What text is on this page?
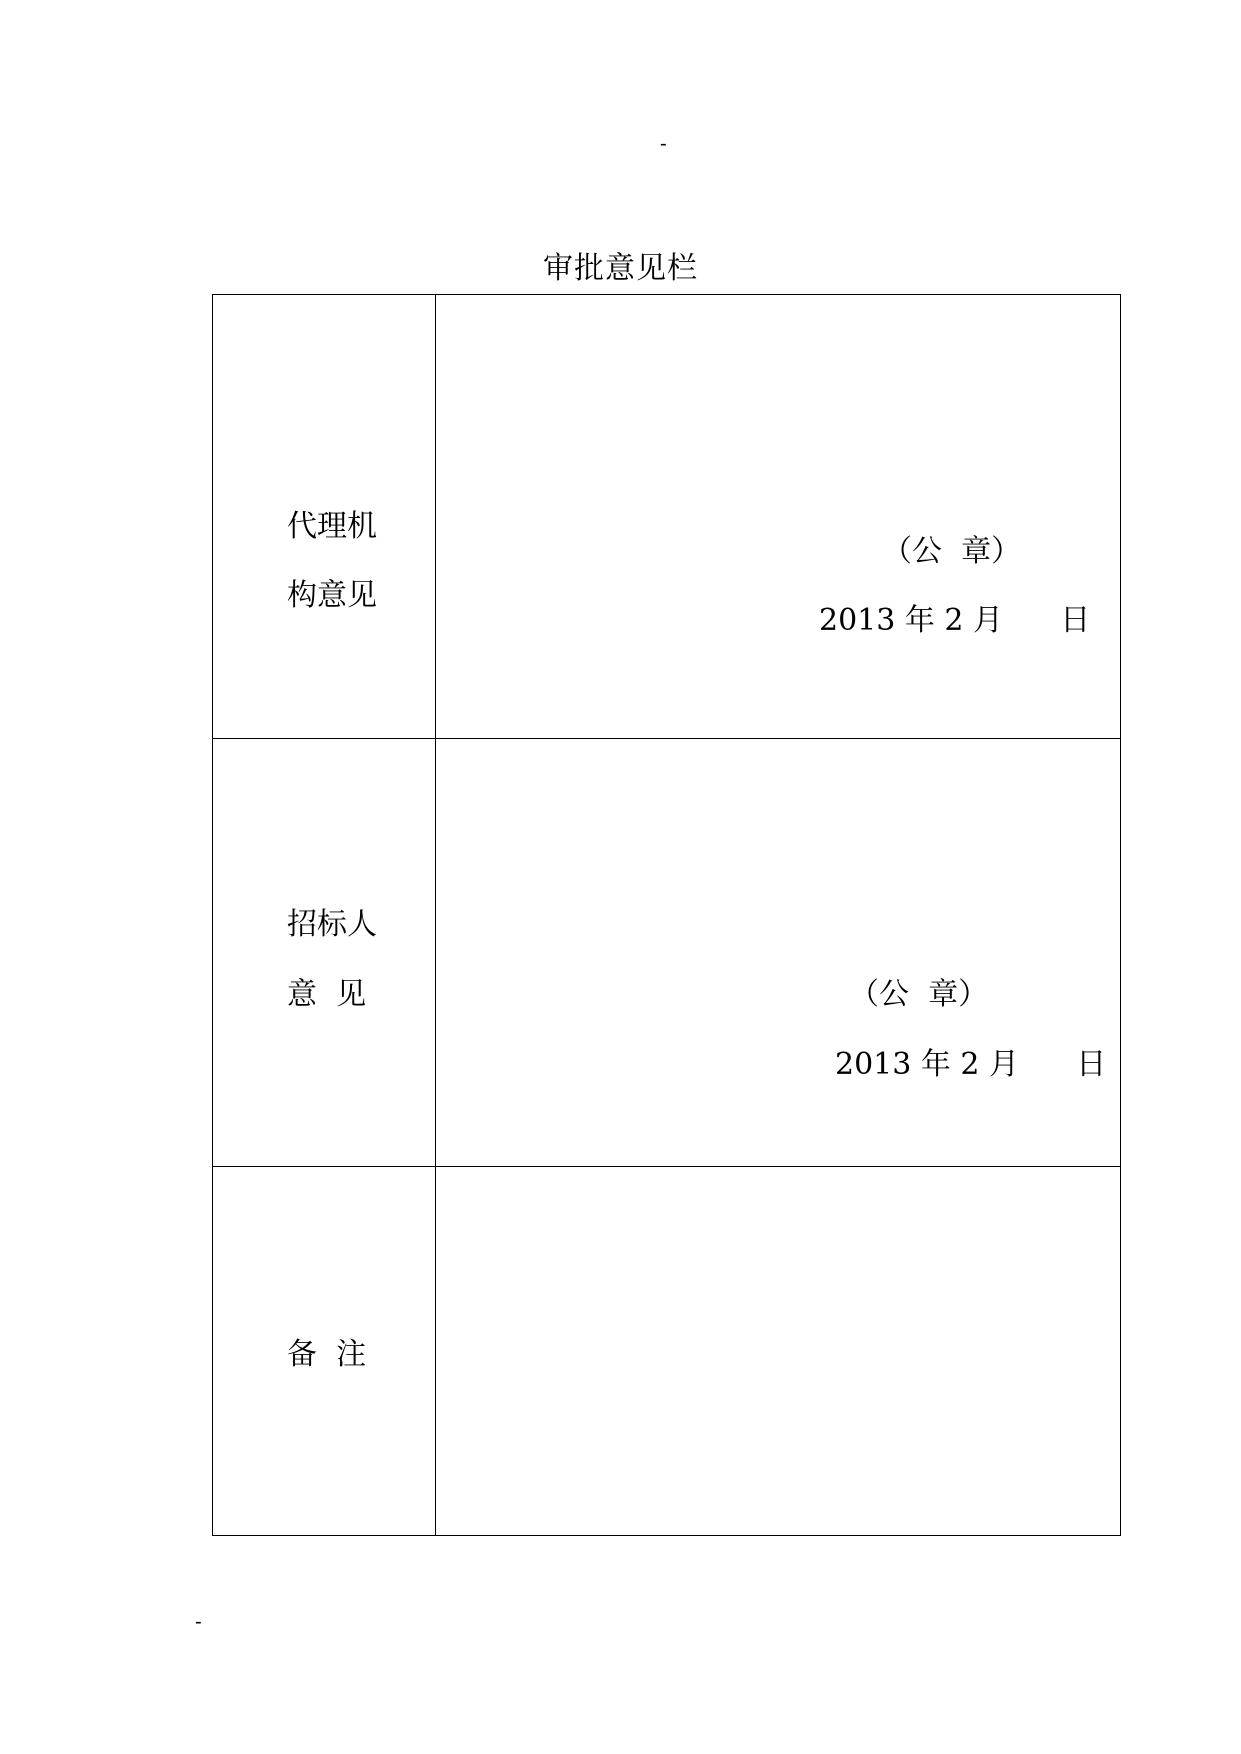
-
审批意见栏
代理机
构意见
（公  章）
2013 年 2 月      日
招标人
意  见	（公  章）
2013 年 2 月      日
备  注
-
